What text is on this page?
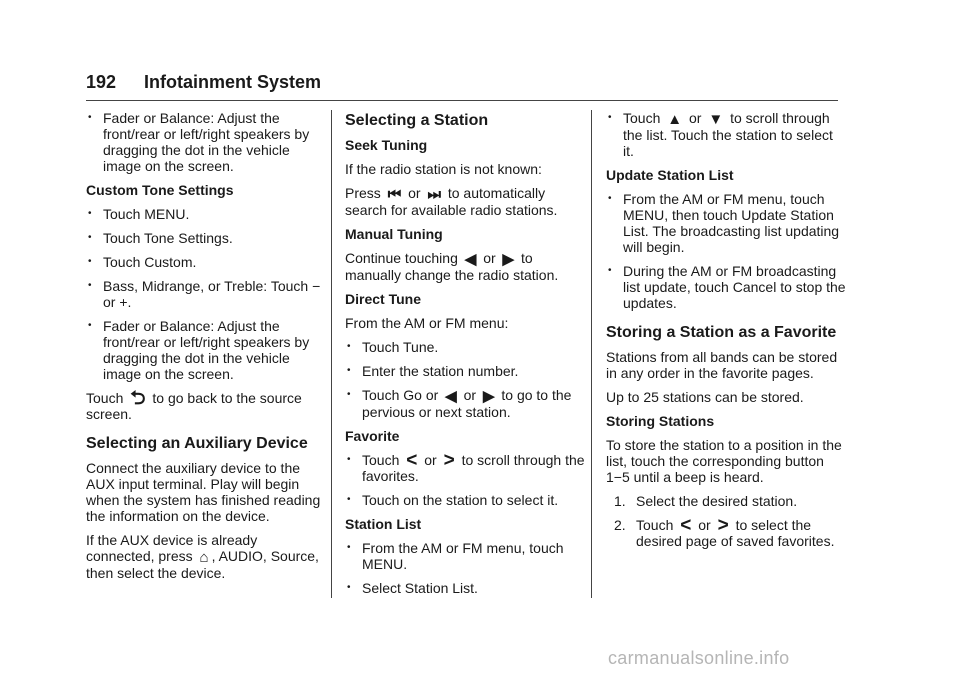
192 Infotainment System
• Fader or Balance: Adjust the front/rear or left/right speakers by dragging the dot in the vehicle image on the screen.
Custom Tone Settings
• Touch MENU.
• Touch Tone Settings.
• Touch Custom.
• Bass, Midrange, or Treble: Touch − or +.
• Fader or Balance: Adjust the front/rear or left/right speakers by dragging the dot in the vehicle image on the screen.
Touch ⮌ to go back to the source screen.
Selecting an Auxiliary Device
Connect the auxiliary device to the AUX input terminal. Play will begin when the system has finished reading the information on the device.
If the AUX device is already connected, press ⌂ , AUDIO, Source, then select the device.
Selecting a Station
Seek Tuning
If the radio station is not known:
Press ⏮ or ⏭ to automatically search for available radio stations.
Manual Tuning
Continue touching ◀ or ▶ to manually change the radio station.
Direct Tune
From the AM or FM menu:
• Touch Tune.
• Enter the station number.
• Touch Go or ◀ or ▶ to go to the pervious or next station.
Favorite
• Touch < or > to scroll through the favorites.
• Touch on the station to select it.
Station List
• From the AM or FM menu, touch MENU.
• Select Station List.
• Touch ▲ or ▼ to scroll through the list. Touch the station to select it.
Update Station List
• From the AM or FM menu, touch MENU, then touch Update Station List. The broadcasting list updating will begin.
• During the AM or FM broadcasting list update, touch Cancel to stop the updates.
Storing a Station as a Favorite
Stations from all bands can be stored in any order in the favorite pages.
Up to 25 stations can be stored.
Storing Stations
To store the station to a position in the list, touch the corresponding button 1−5 until a beep is heard.
1. Select the desired station.
2. Touch < or > to select the desired page of saved favorites.
carmanualsonline.info
